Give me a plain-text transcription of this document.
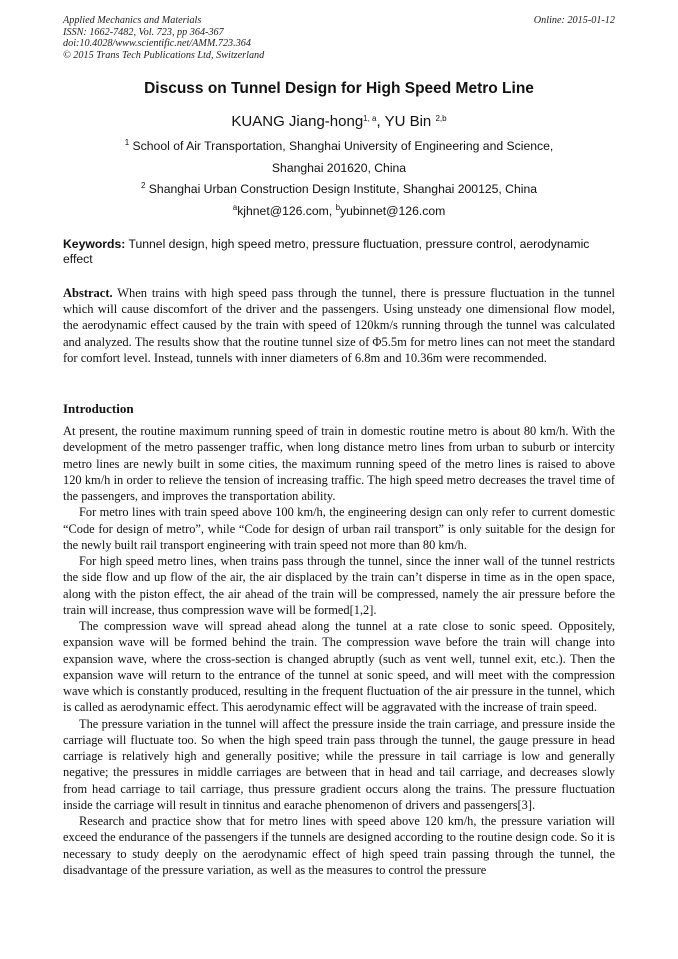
Applied Mechanics and Materials
ISSN: 1662-7482, Vol. 723, pp 364-367
doi:10.4028/www.scientific.net/AMM.723.364
© 2015 Trans Tech Publications Ltd, Switzerland
Online: 2015-01-12
Discuss on Tunnel Design for High Speed Metro Line
KUANG Jiang-hong$^{1, a}$, YU Bin $^{2,b}$
$^1$ School of Air Transportation, Shanghai University of Engineering and Science,
Shanghai 201620, China
$^2$ Shanghai Urban Construction Design Institute, Shanghai 200125, China
$^a$kjhnet@126.com, $^b$yubinnet@126.com
Keywords: Tunnel design, high speed metro, pressure fluctuation, pressure control, aerodynamic effect
Abstract. When trains with high speed pass through the tunnel, there is pressure fluctuation in the tunnel which will cause discomfort of the driver and the passengers. Using unsteady one dimensional flow model, the aerodynamic effect caused by the train with speed of 120km/s running through the tunnel was calculated and analyzed. The results show that the routine tunnel size of Φ5.5m for metro lines can not meet the standard for comfort level. Instead, tunnels with inner diameters of 6.8m and 10.36m were recommended.
Introduction

At present, the routine maximum running speed of train in domestic routine metro is about 80 km/h. With the development of the metro passenger traffic, when long distance metro lines from urban to suburb or intercity metro lines are newly built in some cities, the maximum running speed of the metro lines is raised to above 120 km/h in order to relieve the tension of increasing traffic. The high speed metro decreases the travel time of the passengers, and improves the transportation ability.

For metro lines with train speed above 100 km/h, the engineering design can only refer to current domestic “Code for design of metro”, while “Code for design of urban rail transport” is only suitable for the design for the newly built rail transport engineering with train speed not more than 80 km/h.

For high speed metro lines, when trains pass through the tunnel, since the inner wall of the tunnel restricts the side flow and up flow of the air, the air displaced by the train can’t disperse in time as in the open space, along with the piston effect, the air ahead of the train will be compressed, namely the air pressure before the train will increase, thus compression wave will be formed[1,2].

The compression wave will spread ahead along the tunnel at a rate close to sonic speed. Oppositely, expansion wave will be formed behind the train. The compression wave before the train will change into expansion wave, where the cross-section is changed abruptly (such as vent well, tunnel exit, etc.). Then the expansion wave will return to the entrance of the tunnel at sonic speed, and will meet with the compression wave which is constantly produced, resulting in the frequent fluctuation of the air pressure in the tunnel, which is called as aerodynamic effect. This aerodynamic effect will be aggravated with the increase of train speed.

The pressure variation in the tunnel will affect the pressure inside the train carriage, and pressure inside the carriage will fluctuate too. So when the high speed train pass through the tunnel, the gauge pressure in head carriage is relatively high and generally positive; while the pressure in tail carriage is low and generally negative; the pressures in middle carriages are between that in head and tail carriage, and decreases slowly from head carriage to tail carriage, thus pressure gradient occurs along the trains. The pressure fluctuation inside the carriage will result in tinnitus and earache phenomenon of drivers and passengers[3].

Research and practice show that for metro lines with speed above 120 km/h, the pressure variation will exceed the endurance of the passengers if the tunnels are designed according to the routine design code. So it is necessary to study deeply on the aerodynamic effect of high speed train passing through the tunnel, the disadvantage of the pressure variation, as well as the measures to control the pressure
